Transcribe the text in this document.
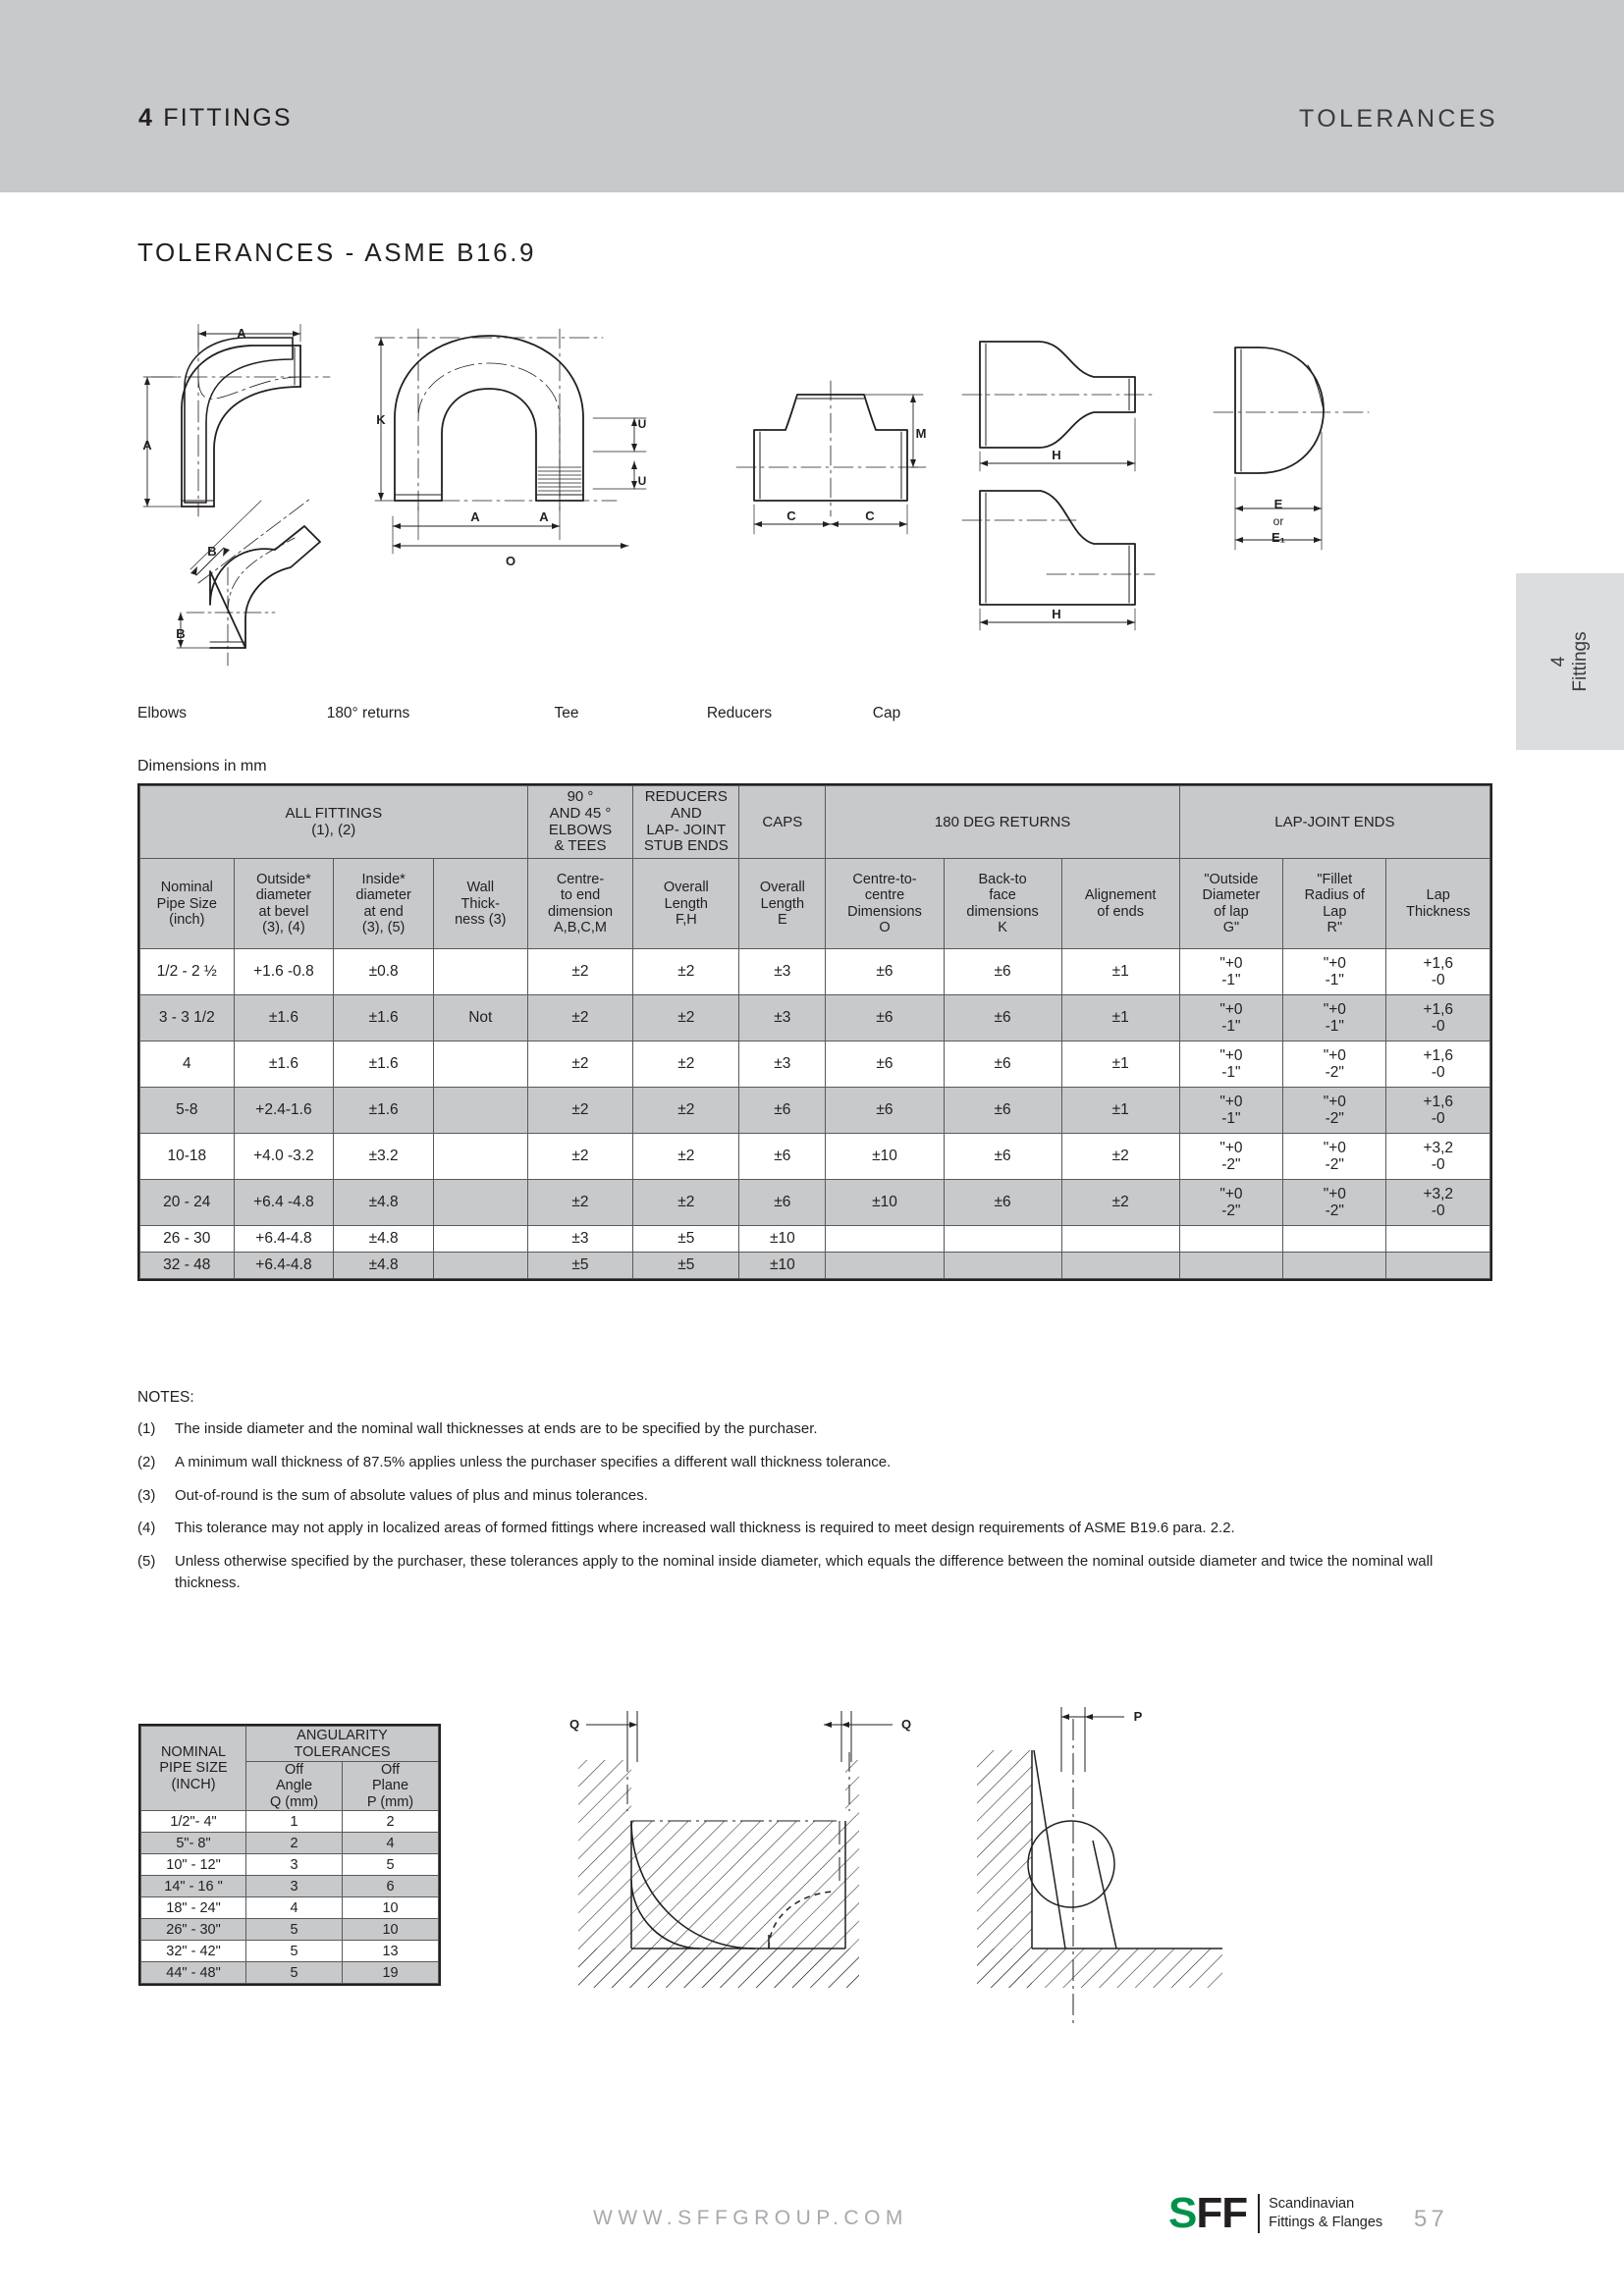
4 FITTINGS	TOLERANCES
4 Fittings
TOLERANCES - ASME B16.9
A
A
B
B
K
A	A
O
U
U
M
C	C
H
H
E
or
E₁
Elbows	180° returns	Tee	Reducers	Cap
Dimensions in mm
ALL FITTINGS
(1), (2)				90 °
AND 45 °
ELBOWS
& TEES	REDUCERS
AND
LAP- JOINT
STUB ENDS	CAPS	180 DEG RETURNS			LAP-JOINT ENDS		

Nominal
Pipe Size
(inch)	Outside*
diameter
at bevel
(3), (4)	Inside*
diameter
at end
(3), (5)	Wall
Thick-
ness (3)	Centre-
to end
dimension
A,B,C,M	Overall
Length
F,H	Overall
Length
E	Centre-to-
centre
Dimensions
O	Back-to
face
dimensions
K	Alignement
of ends	"Outside
Diameter
of lap
G"	"Fillet
Radius of
Lap
R"	Lap
Thickness

1/2 - 2 ½	+1.6 -0.8	±0.8		±2	±2	±3	±6	±6	±1	"+0
-1"	"+0
-1"	+1,6
-0

3 - 3 1/2	±1.6	±1.6	Not	±2	±2	±3	±6	±6	±1	"+0
-1"	"+0
-1"	+1,6
-0

4	±1.6	±1.6		±2	±2	±3	±6	±6	±1	"+0
-1"	"+0
-2"	+1,6
-0

5-8	+2.4-1.6	±1.6		±2	±2	±6	±6	±6	±1	"+0
-1"	"+0
-2"	+1,6
-0

10-18	+4.0 -3.2	±3.2		±2	±2	±6	±10	±6	±2	"+0
-2"	"+0
-2"	+3,2
-0

20 - 24	+6.4 -4.8	±4.8		±2	±2	±6	±10	±6	±2	"+0
-2"	"+0
-2"	+3,2
-0

26 - 30	+6.4-4.8	±4.8		±3	±5	±10						
32 - 48	+6.4-4.8	±4.8		±5	±5	±10						
NOTES:
(1)	The inside diameter and the nominal wall thicknesses at ends are to be specified by the purchaser.
(2)	A minimum wall thickness of 87.5% applies unless the purchaser specifies a different wall thickness tolerance.
(3)	Out-of-round is the sum of absolute values of plus and minus tolerances.
(4)	This tolerance may not apply in localized areas of formed fittings where increased wall thickness is required to meet design requirements of ASME B19.6 para. 2.2.
(5)	Unless otherwise specified by the purchaser, these tolerances apply to the nominal inside diameter, which equals the difference between the nominal outside diameter and twice the nominal wall thickness.
NOMINAL
PIPE SIZE
(INCH)	ANGULARITY
TOLERANCES	

	Off
Angle
Q (mm)	Off
Plane
P (mm)

1/2"- 4"	1	2
5"- 8"	2	4
10" - 12"	3	5
14" - 16 "	3	6
18" - 24"	4	10
26" - 30"	5	10
32" - 42"	5	13
44" - 48"	5	19
Q	Q
P
WWW.SFFGROUP.COM	S FF Scandinavian
Fittings & Flanges 57
